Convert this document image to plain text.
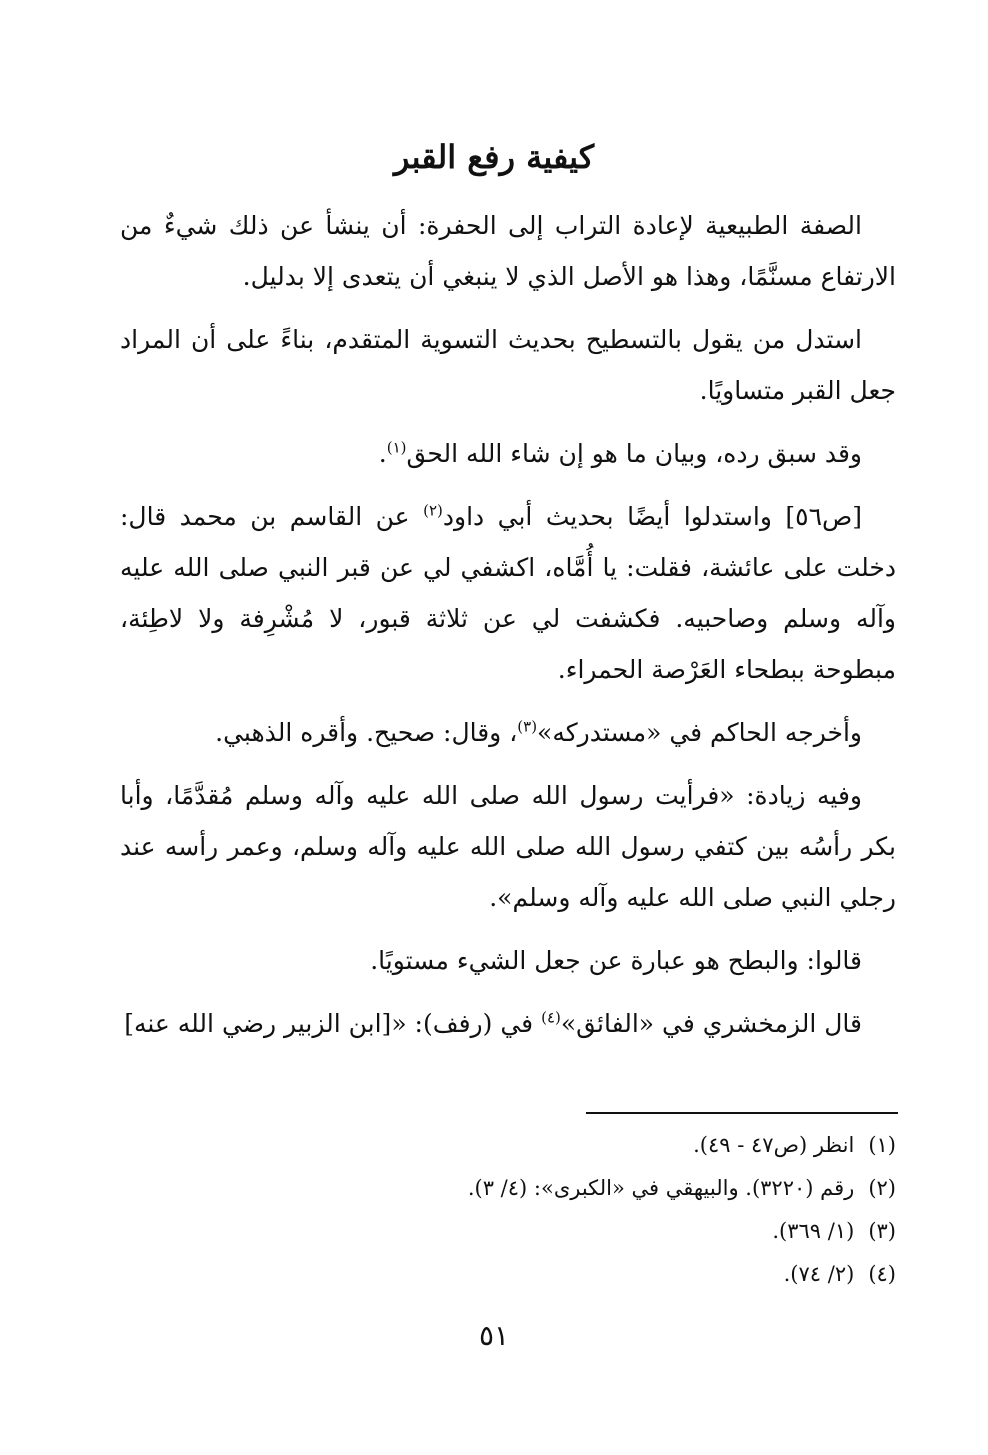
كيفية رفع القبر

الصفة الطبيعية لإعادة التراب إلى الحفرة: أن ينشأ عن ذلك شيءٌ من الارتفاع مسنَّمًا، وهذا هو الأصل الذي لا ينبغي أن يتعدى إلا بدليل.

استدل من يقول بالتسطيح بحديث التسوية المتقدم، بناءً على أن المراد جعل القبر متساويًا.

وقد سبق رده، وبيان ما هو إن شاء الله الحق$^{(١)}$.

[ص٥٦] واستدلوا أيضًا بحديث أبي داود$^{(٢)}$ عن القاسم بن محمد قال: دخلت على عائشة، فقلت: يا أُمَّاه، اكشفي لي عن قبر النبي صلى الله عليه وآله وسلم وصاحبيه. فكشفت لي عن ثلاثة قبور، لا مُشْرِفة ولا لاطِئة، مبطوحة ببطحاء العَرْصة الحمراء.

وأخرجه الحاكم في «مستدركه»$^{(٣)}$، وقال: صحيح. وأقره الذهبي.

وفيه زيادة: «فرأيت رسول الله صلى الله عليه وآله وسلم مُقدَّمًا، وأبا بكر رأسُه بين كتفي رسول الله صلى الله عليه وآله وسلم، وعمر رأسه عند رجلي النبي صلى الله عليه وآله وسلم».

قالوا: والبطح هو عبارة عن جعل الشيء مستويًا.

قال الزمخشري في «الفائق»$^{(٤)}$ في (رفف): «[ابن الزبير رضي الله عنه]

(١)انظر (ص٤٧ - ٤٩).

(٢)رقم (٣٢٢٠). والبيهقي في «الكبرى»: (٤/ ٣).

(٣)(١/ ٣٦٩).

(٤)(٢/ ٧٤).

٥١
